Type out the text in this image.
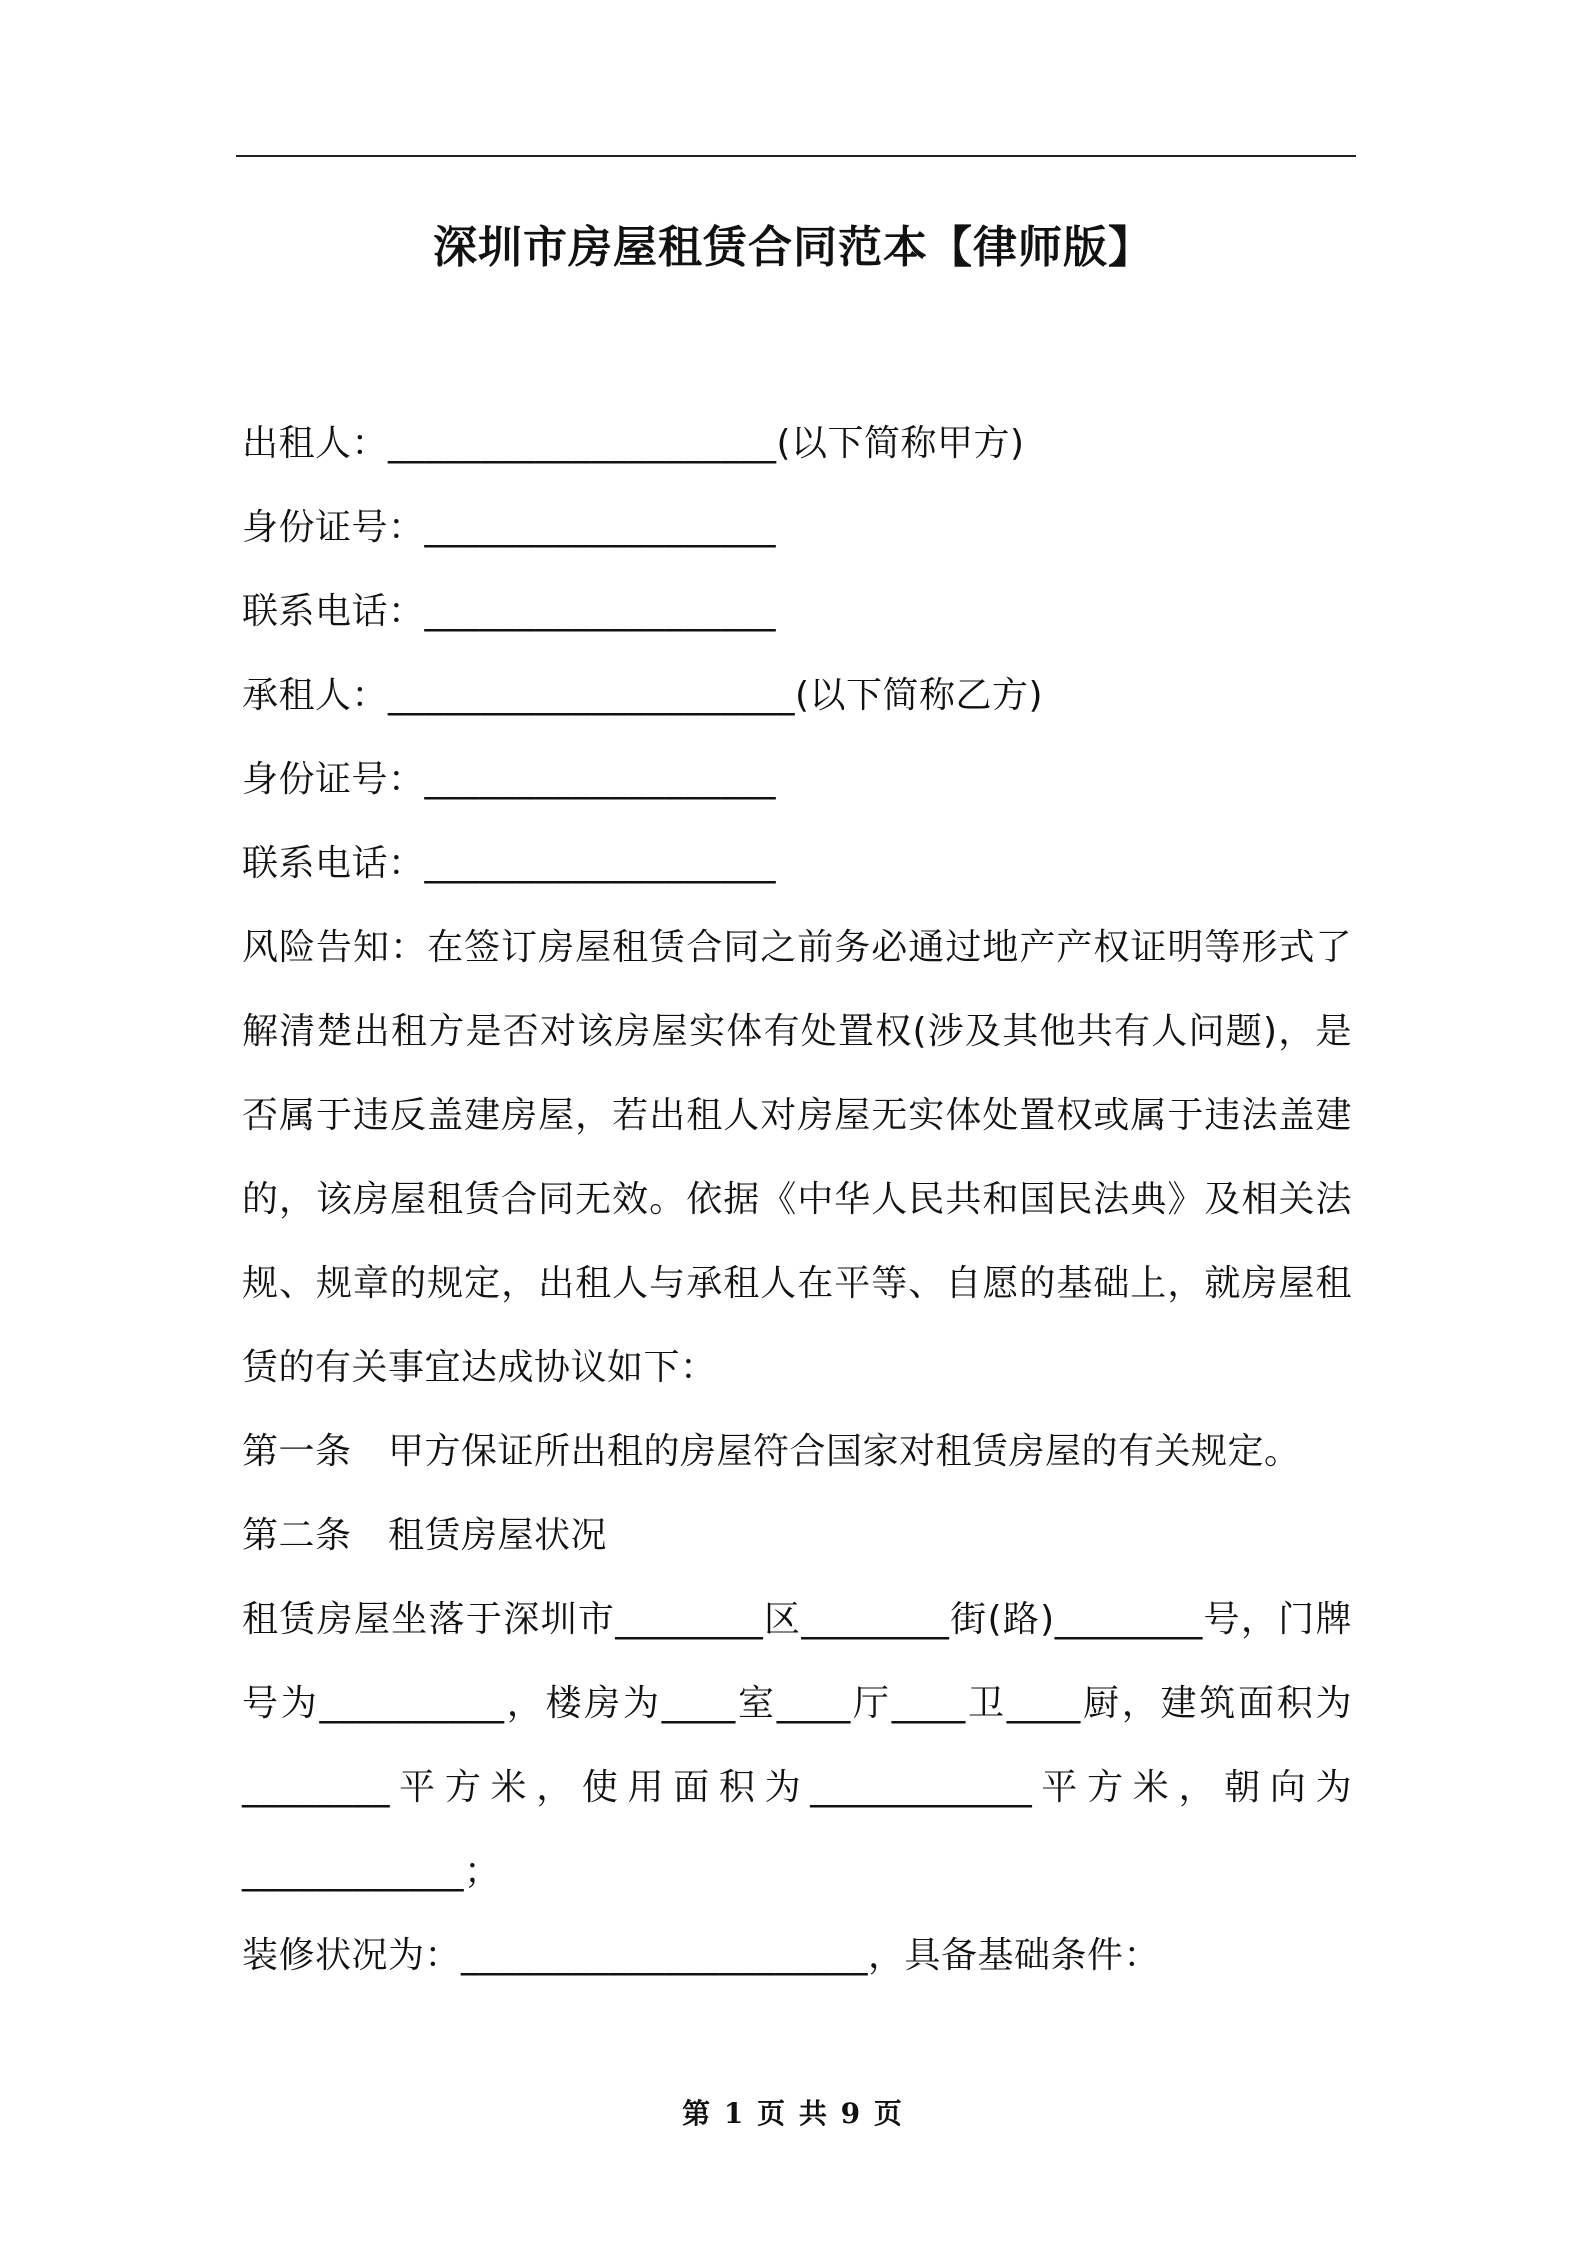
深圳市房屋租赁合同范本【律师版】
出租人：_____________________(以下简称甲方)
身份证号：___________________
联系电话：___________________
承租人：______________________(以下简称乙方)
身份证号：___________________
联系电话：___________________

风险告知：在签订房屋租赁合同之前务必通过地产产权证明等形式了解清楚出租方是否对该房屋实体有处置权(涉及其他共有人问题)，是否属于违反盖建房屋，若出租人对房屋无实体处置权或属于违法盖建的，该房屋租赁合同无效。依据《中华人民共和国民法典》及相关法规、规章的规定，出租人与承租人在平等、自愿的基础上，就房屋租赁的有关事宜达成协议如下：

第一条　甲方保证所出租的房屋符合国家对租赁房屋的有关规定。
第二条　租赁房屋状况

租赁房屋坐落于深圳市________区________街(路)________号，门牌号为__________，楼房为____室____厅____卫____厨，建筑面积为________平方米，使用面积为____________平方米，朝向为____________；

装修状况为：______________________，具备基础条件：
第 1 页 共 9 页
